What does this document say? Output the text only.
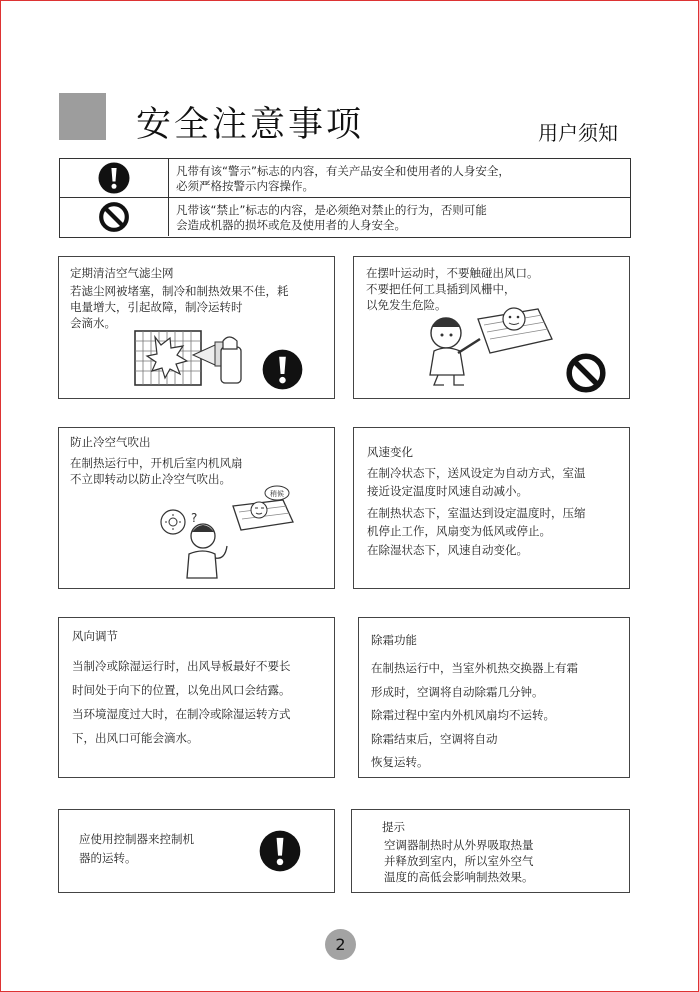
安全注意事项	用户须知
凡带有该“警示”标志的内容，有关产品安全和使用者的人身安全，
必须严格按警示内容操作。
凡带该“禁止”标志的内容，是必须绝对禁止的行为，否则可能
会造成机器的损坏或危及使用者的人身安全。
定期清洁空气滤尘网
若滤尘网被堵塞，制冷和制热效果不佳，耗
电量增大，引起故障，制冷运转时
会滴水。
在摆叶运动时，不要触碰出风口。
不要把任何工具插到风栅中，
以免发生危险。
防止冷空气吹出
在制热运行中，开机后室内机风扇
不立即转动以防止冷空气吹出。
稍候
?
风速变化
在制冷状态下，送风设定为自动方式，室温
接近设定温度时风速自动减小。
在制热状态下，室温达到设定温度时，压缩
机停止工作，风扇变为低风或停止。
在除湿状态下，风速自动变化。
风向调节
当制冷或除湿运行时，出风导板最好不要长
时间处于向下的位置，以免出风口会结露。
当环境湿度过大时，在制冷或除湿运转方式
下，出风口可能会滴水。
除霜功能
在制热运行中，当室外机热交换器上有霜
形成时，空调将自动除霜几分钟。
除霜过程中室内外机风扇均不运转。
除霜结束后，空调将自动
恢复运转。
应使用控制器来控制机
器的运转。
提示
空调器制热时从外界吸取热量
并释放到室内，所以室外空气
温度的高低会影响制热效果。
2
